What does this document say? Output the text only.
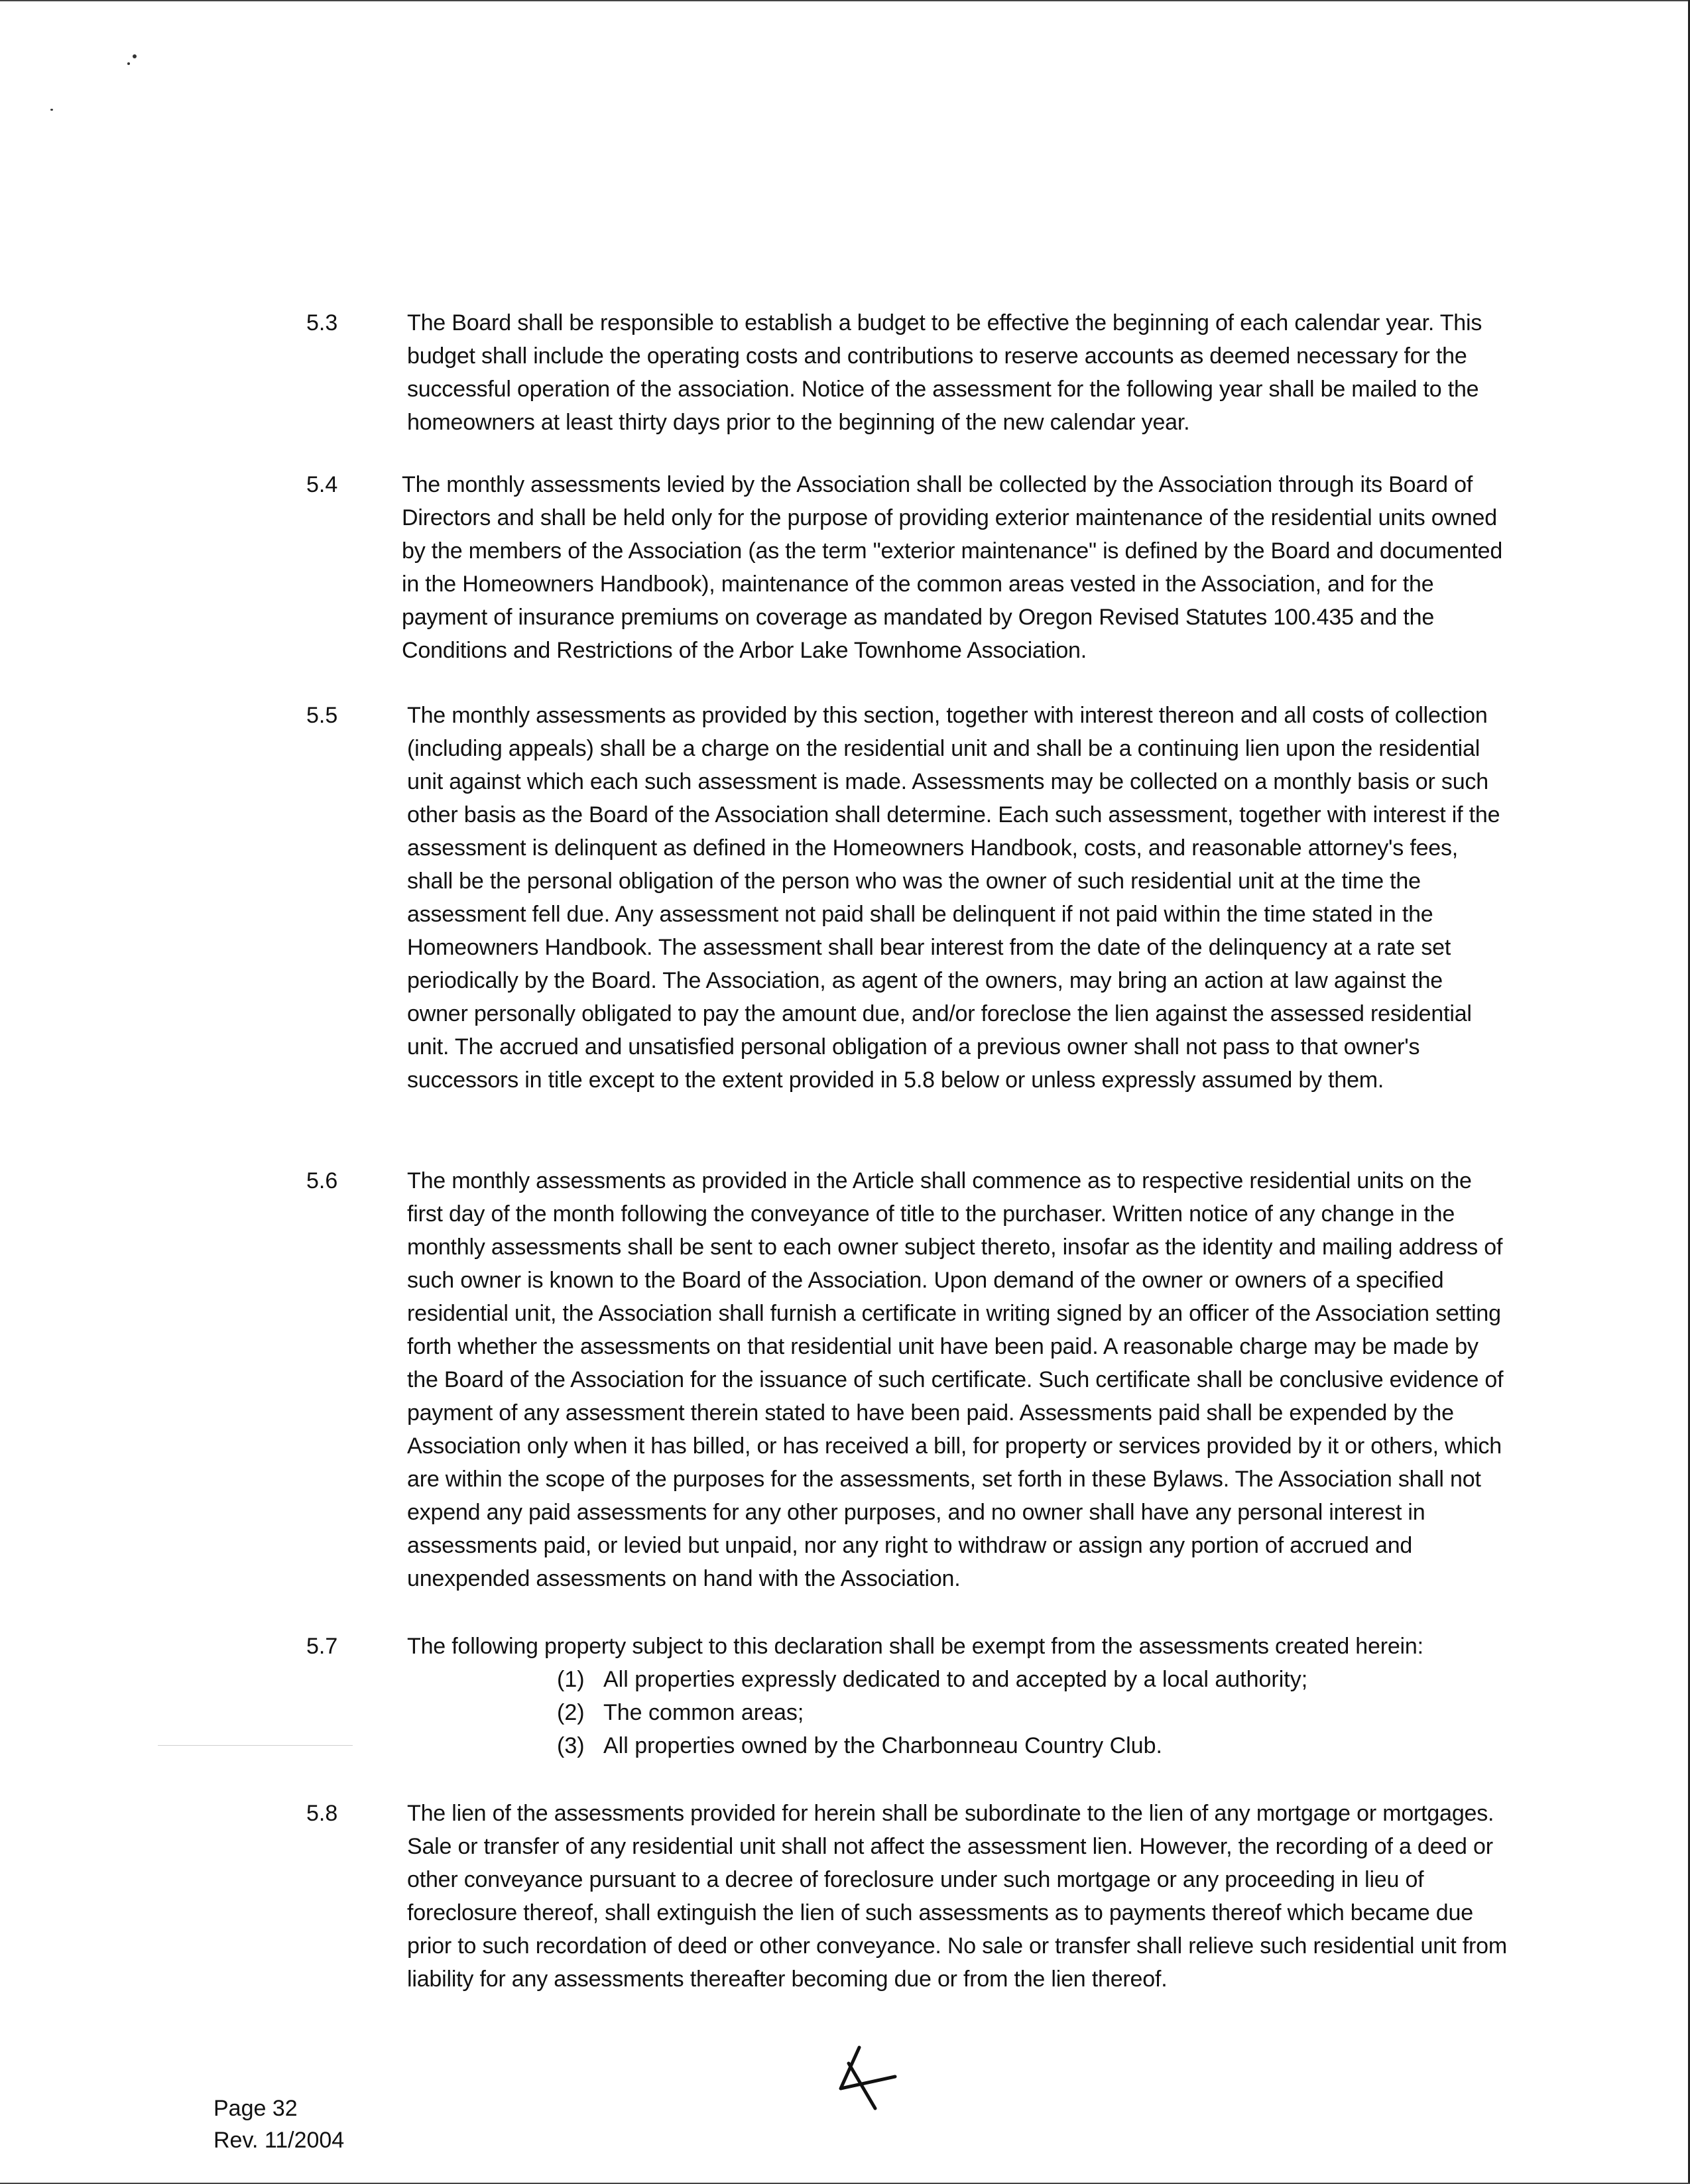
5.3	The Board shall be responsible to establish a budget to be effective the beginning of each calendar year. This budget shall include the operating costs and contributions to reserve accounts as deemed necessary for the successful operation of the association. Notice of the assessment for the following year shall be mailed to the homeowners at least thirty days prior to the beginning of the new calendar year.
5.4	The monthly assessments levied by the Association shall be collected by the Association through its Board of Directors and shall be held only for the purpose of providing exterior maintenance of the residential units owned by the members of the Association (as the term "exterior maintenance" is defined by the Board and documented in the Homeowners Handbook), maintenance of the common areas vested in the Association, and for the payment of insurance premiums on coverage as mandated by Oregon Revised Statutes 100.435 and the Conditions and Restrictions of the Arbor Lake Townhome Association.
5.5	The monthly assessments as provided by this section, together with interest thereon and all costs of collection (including appeals) shall be a charge on the residential unit and shall be a continuing lien upon the residential unit against which each such assessment is made. Assessments may be collected on a monthly basis or such other basis as the Board of the Association shall determine. Each such assessment, together with interest if the assessment is delinquent as defined in the Homeowners Handbook, costs, and reasonable attorney's fees, shall be the personal obligation of the person who was the owner of such residential unit at the time the assessment fell due. Any assessment not paid shall be delinquent if not paid within the time stated in the Homeowners Handbook. The assessment shall bear interest from the date of the delinquency at a rate set periodically by the Board. The Association, as agent of the owners, may bring an action at law against the owner personally obligated to pay the amount due, and/or foreclose the lien against the assessed residential unit. The accrued and unsatisfied personal obligation of a previous owner shall not pass to that owner's successors in title except to the extent provided in 5.8 below or unless expressly assumed by them.
5.6	The monthly assessments as provided in the Article shall commence as to respective residential units on the first day of the month following the conveyance of title to the purchaser. Written notice of any change in the monthly assessments shall be sent to each owner subject thereto, insofar as the identity and mailing address of such owner is known to the Board of the Association. Upon demand of the owner or owners of a specified residential unit, the Association shall furnish a certificate in writing signed by an officer of the Association setting forth whether the assessments on that residential unit have been paid. A reasonable charge may be made by the Board of the Association for the issuance of such certificate. Such certificate shall be conclusive evidence of payment of any assessment therein stated to have been paid. Assessments paid shall be expended by the Association only when it has billed, or has received a bill, for property or services provided by it or others, which are within the scope of the purposes for the assessments, set forth in these Bylaws. The Association shall not expend any paid assessments for any other purposes, and no owner shall have any personal interest in assessments paid, or levied but unpaid, nor any right to withdraw or assign any portion of accrued and unexpended assessments on hand with the Association.
5.7	The following property subject to this declaration shall be exempt from the assessments created herein:
(1) All properties expressly dedicated to and accepted by a local authority;
(2) The common areas;
(3) All properties owned by the Charbonneau Country Club.
5.8	The lien of the assessments provided for herein shall be subordinate to the lien of any mortgage or mortgages. Sale or transfer of any residential unit shall not affect the assessment lien. However, the recording of a deed or other conveyance pursuant to a decree of foreclosure under such mortgage or any proceeding in lieu of foreclosure thereof, shall extinguish the lien of such assessments as to payments thereof which became due prior to such recordation of deed or other conveyance. No sale or transfer shall relieve such residential unit from liability for any assessments thereafter becoming due or from the lien thereof.
Page 32
Rev. 11/2004
